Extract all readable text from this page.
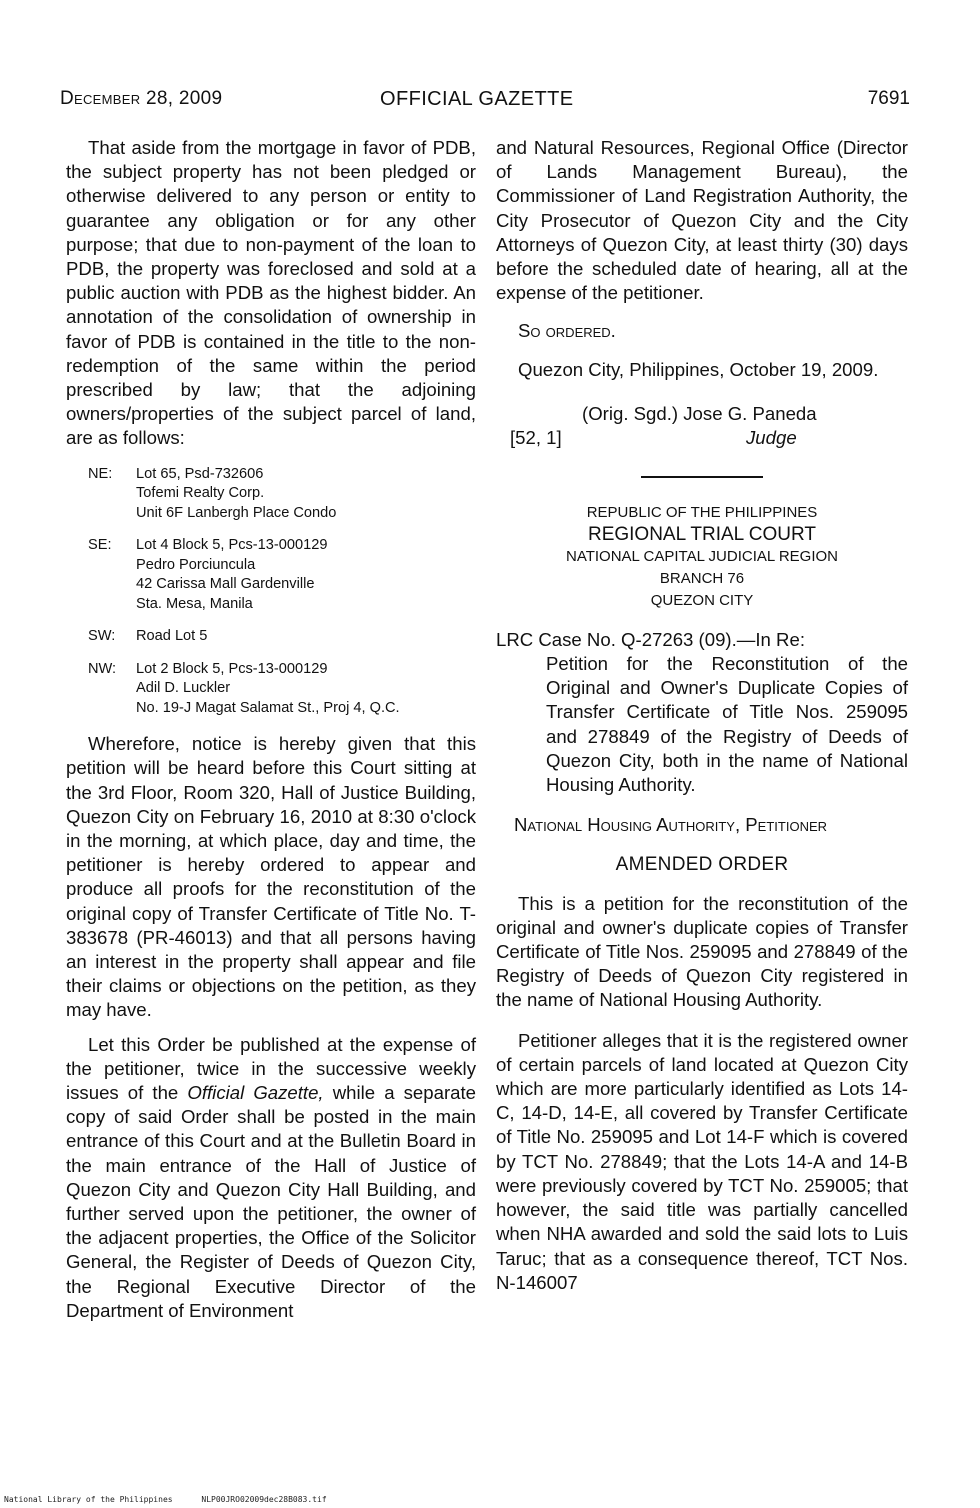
December 28, 2009	OFFICIAL GAZETTE	7691

That aside from the mortgage in favor of PDB, the subject property has not been pledged or otherwise delivered to any person or entity to guarantee any obligation or for any other purpose; that due to non-payment of the loan to PDB, the property was foreclosed and sold at a public auction with PDB as the highest bidder. An annotation of the consolidation of ownership in favor of PDB is contained in the title to the non-redemption of the same within the period prescribed by law; that the adjoining owners/properties of the subject parcel of land, are as follows:

NE:	Lot 65, Psd-732606
Tofemi Realty Corp.
Unit 6F Lanbergh Place Condo
SE:	Lot 4 Block 5, Pcs-13-000129
Pedro Porciuncula
42 Carissa Mall Gardenville
Sta. Mesa, Manila
SW:	Road Lot 5
NW:	Lot 2 Block 5, Pcs-13-000129
Adil D. Luckler
No. 19-J Magat Salamat St., Proj 4, Q.C.

Wherefore, notice is hereby given that this petition will be heard before this Court sitting at the 3rd Floor, Room 320, Hall of Justice Building, Quezon City on February 16, 2010 at 8:30 o'clock in the morning, at which place, day and time, the petitioner is hereby ordered to appear and produce all proofs for the reconstitution of the original copy of Transfer Certificate of Title No. T-383678 (PR-46013) and that all persons having an interest in the property shall appear and file their claims or objections on the petition, as they may have.

Let this Order be published at the expense of the petitioner, twice in the successive weekly issues of the Official Gazette, while a separate copy of said Order shall be posted in the main entrance of this Court and at the Bulletin Board in the main entrance of the Hall of Justice of Quezon City and Quezon City Hall Building, and further served upon the petitioner, the owner of the adjacent properties, the Office of the Solicitor General, the Register of Deeds of Quezon City, the Regional Executive Director of the Department of Environment

and Natural Resources, Regional Office (Director of Lands Management Bureau), the Commissioner of Land Registration Authority, the City Prosecutor of Quezon City and the City Attorneys of Quezon City, at least thirty (30) days before the scheduled date of hearing, all at the expense of the petitioner.

So ordered.

Quezon City, Philippines, October 19, 2009.

(Orig. Sgd.) Jose G. Paneda
[52, 1]	Judge
REPUBLIC OF THE PHILIPPINES
REGIONAL TRIAL COURT
NATIONAL CAPITAL JUDICIAL REGION
BRANCH 76
QUEZON CITY
LRC Case No. Q-27263 (09).—In Re:
Petition for the Reconstitution of the Original and Owner's Duplicate Copies of Transfer Certificate of Title Nos. 259095 and 278849 of the Registry of Deeds of Quezon City, both in the name of National Housing Authority.
National Housing Authority, Petitioner
AMENDED ORDER

This is a petition for the reconstitution of the original and owner's duplicate copies of Transfer Certificate of Title Nos. 259095 and 278849 of the Registry of Deeds of Quezon City registered in the name of National Housing Authority.

Petitioner alleges that it is the registered owner of certain parcels of land located at Quezon City which are more particularly identified as Lots 14-C, 14-D, 14-E, all covered by Transfer Certificate of Title No. 259095 and Lot 14-F which is covered by TCT No. 278849; that the Lots 14-A and 14-B were previously covered by TCT No. 259005; that however, the said title was partially cancelled when NHA awarded and sold the said lots to Luis Taruc; that as a consequence thereof, TCT Nos. N-146007

National Library of the Philippines	NLP00JRO02009dec28B083.tif
